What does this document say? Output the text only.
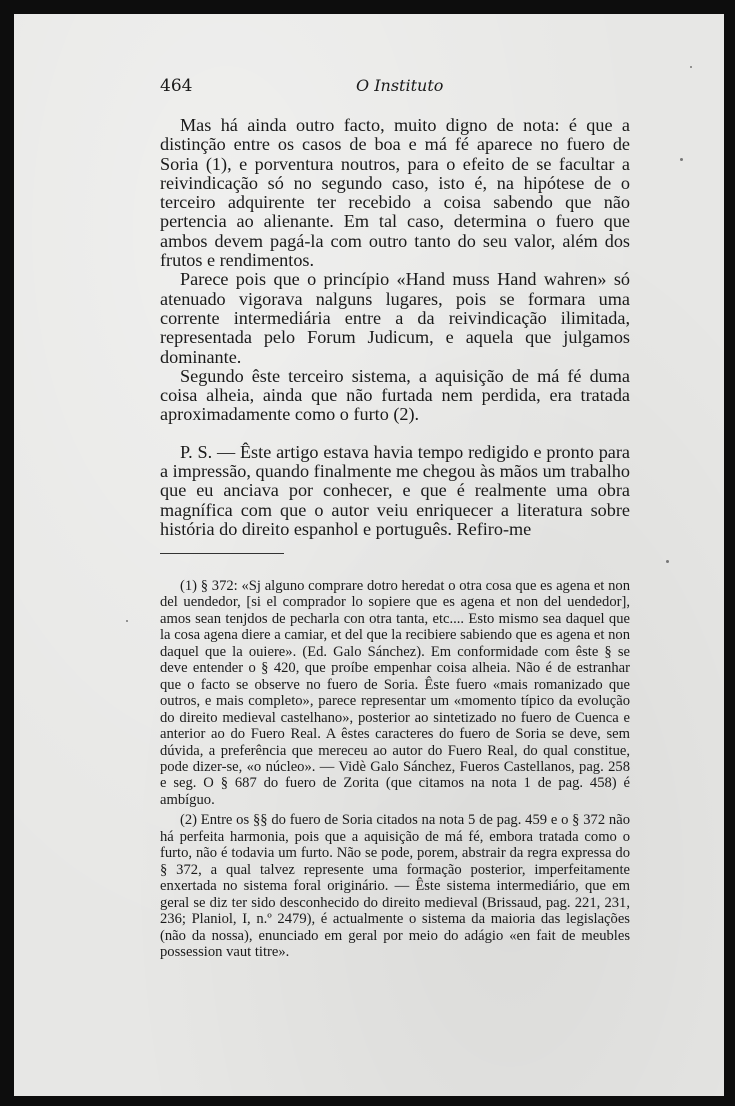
464	O Instituto

Mas há ainda outro facto, muito digno de nota: é que a distinção entre os casos de boa e má fé aparece no fuero de Soria (1), e porventura noutros, para o efeito de se facultar a reivindicação só no segundo caso, isto é, na hipótese de o terceiro adquirente ter recebido a coisa sabendo que não pertencia ao alienante. Em tal caso, determina o fuero que ambos devem pagá-la com outro tanto do seu valor, além dos frutos e rendimentos.

Parece pois que o princípio «Hand muss Hand wahren» só atenuado vigorava nalguns lugares, pois se formara uma corrente intermediária entre a da reivindicação ilimitada, representada pelo Forum Judicum, e aquela que julgamos dominante.

Segundo êste terceiro sistema, a aquisição de má fé duma coisa alheia, ainda que não furtada nem perdida, era tratada aproximadamente como o furto (2).

P. S. — Êste artigo estava havia tempo redigido e pronto para a impressão, quando finalmente me chegou às mãos um trabalho que eu anciava por conhecer, e que é realmente uma obra magnífica com que o autor veiu enriquecer a literatura sobre história do direito espanhol e português. Refiro-me

(1) § 372: «Sj alguno comprare dotro heredat o otra cosa que es agena et non del uendedor, [si el comprador lo sopiere que es agena et non del uendedor], amos sean tenjdos de pecharla con otra tanta, etc.... Esto mismo sea daquel que la cosa agena diere a camiar, et del que la recibiere sabiendo que es agena et non daquel que la ouiere». (Ed. Galo Sánchez). Em conformidade com êste § se deve entender o § 420, que proíbe empenhar coisa alheia. Não é de estranhar que o facto se observe no fuero de Soria. Êste fuero «mais romanizado que outros, e mais completo», parece representar um «momento típico da evolução do direito medieval castelhano», posterior ao sintetizado no fuero de Cuenca e anterior ao do Fuero Real. A êstes caracteres do fuero de Soria se deve, sem dúvida, a preferência que mereceu ao autor do Fuero Real, do qual constitue, pode dizer-se, «o núcleo». — Vidè Galo Sánchez, Fueros Castellanos, pag. 258 e seg. O § 687 do fuero de Zorita (que citamos na nota 1 de pag. 458) é ambíguo.

(2) Entre os §§ do fuero de Soria citados na nota 5 de pag. 459 e o § 372 não há perfeita harmonia, pois que a aquisição de má fé, embora tratada como o furto, não é todavia um furto. Não se pode, porem, abstrair da regra expressa do § 372, a qual talvez represente uma formação posterior, imperfeitamente enxertada no sistema foral originário. — Êste sistema intermediário, que em geral se diz ter sido desconhecido do direito medieval (Brissaud, pag. 221, 231, 236; Planiol, I, n.º 2479), é actualmente o sistema da maioria das legislações (não da nossa), enunciado em geral por meio do adágio «en fait de meubles possession vaut titre».
